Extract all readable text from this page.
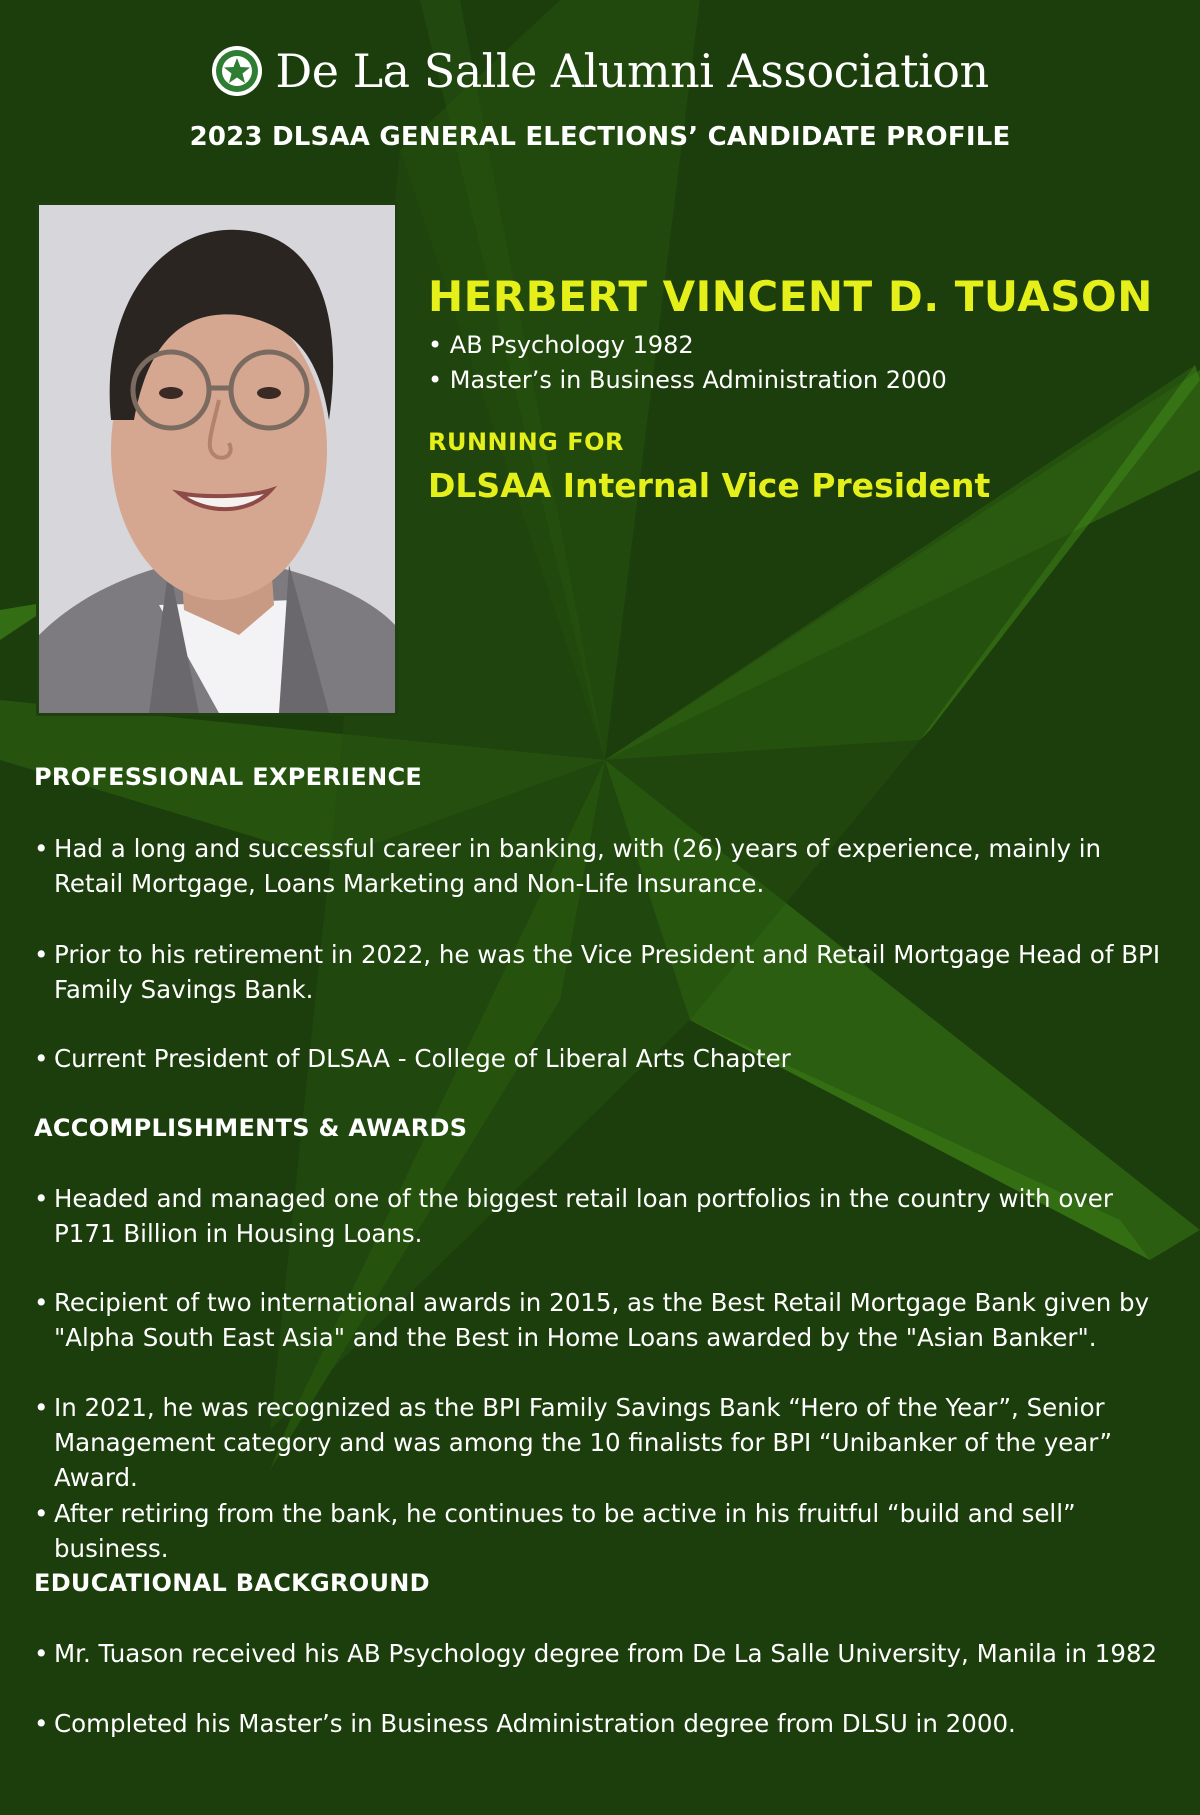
De La Salle Alumni Association
2023 DLSAA GENERAL ELECTIONS’ CANDIDATE PROFILE
HERBERT VINCENT D. TUASON
• AB Psychology 1982
• Master’s in Business Administration 2000
RUNNING FOR
DLSAA Internal Vice President
PROFESSIONAL EXPERIENCE
• Had a long and successful career in banking, with (26) years of experience, mainly in Retail Mortgage, Loans Marketing and Non-Life Insurance.
• Prior to his retirement in 2022, he was the Vice President and Retail Mortgage Head of BPI Family Savings Bank.
• Current President of DLSAA - College of Liberal Arts Chapter
ACCOMPLISHMENTS & AWARDS
• Headed and managed one of the biggest retail loan portfolios in the country with over P171 Billion in Housing Loans.
• Recipient of two international awards in 2015, as the Best Retail Mortgage Bank given by "Alpha South East Asia" and the Best in Home Loans awarded by the "Asian Banker".
• In 2021, he was recognized as the BPI Family Savings Bank “Hero of the Year”, Senior Management category and was among the 10 finalists for BPI “Unibanker of the year” Award.
• After retiring from the bank, he continues to be active in his fruitful “build and sell” business.
EDUCATIONAL BACKGROUND
• Mr. Tuason received his AB Psychology degree from De La Salle University, Manila in 1982
• Completed his Master’s in Business Administration degree from DLSU in 2000.
